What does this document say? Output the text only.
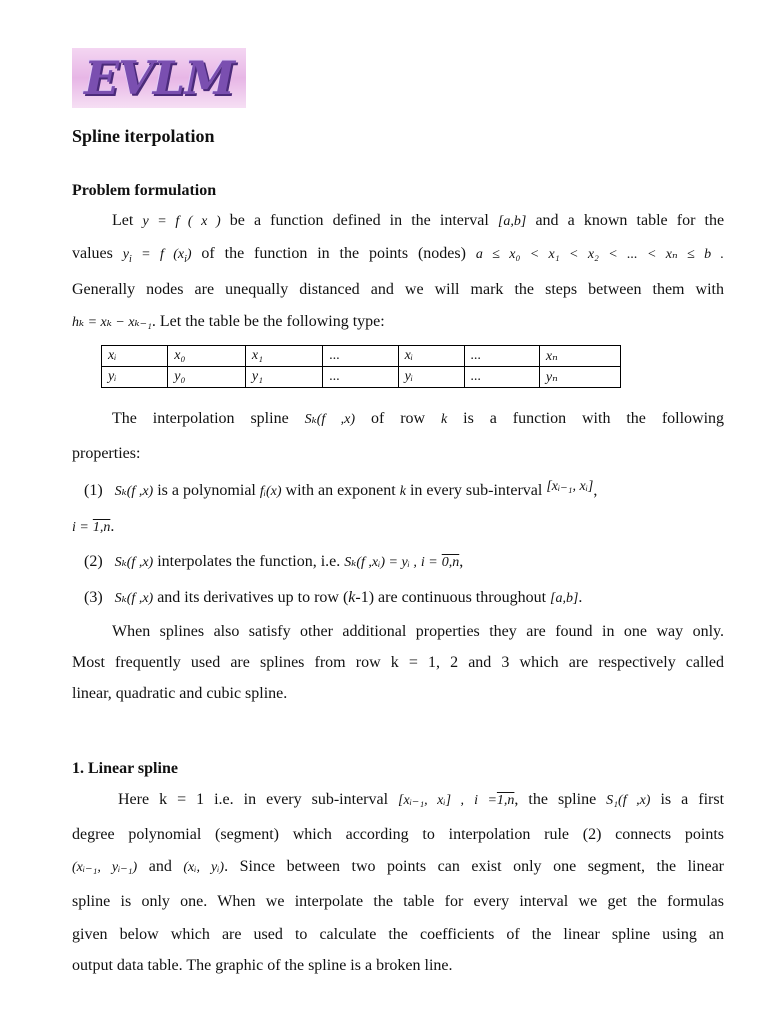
EVLM
Spline iterpolation
Problem formulation
Let y = f ( x ) be a function defined in the interval [a,b] and a known table for the
values $y_i = f$ $(x_i)$ of the function in the points (nodes) a ≤ x₀ < x₁ < x₂ < ... < xₙ ≤ b .
Generally nodes are unequally distanced and we will mark the steps between them with
hₖ = xₖ − xₖ₋₁. Let the table be the following type:
xᵢ	x₀	x₁	...	xᵢ	...	xₙ
yᵢ	y₀	y₁	...	yᵢ	...	yₙ
The interpolation spline Sₖ(f ,x) of row k is a function with the following
properties:
(1) Sₖ(f ,x) is a polynomial fᵢ(x) with an exponent k in every sub-interval [xᵢ₋₁, xᵢ],
i = 1,n.
(2) Sₖ(f ,x) interpolates the function, i.e. Sₖ(f ,xᵢ) = yᵢ , i = 0,n,
(3) Sₖ(f ,x) and its derivatives up to row (k-1) are continuous throughout [a,b].
When splines also satisfy other additional properties they are found in one way only.
Most frequently used are splines from row k = 1, 2 and 3 which are respectively called
linear, quadratic and cubic spline.
1. Linear spline
Here k = 1 i.e. in every sub-interval [xᵢ₋₁, xᵢ] , i =1,n, the spline S₁(f ,x) is a first
degree polynomial (segment) which according to interpolation rule (2) connects points
(xᵢ₋₁, yᵢ₋₁) and (xᵢ, yᵢ). Since between two points can exist only one segment, the linear
spline is only one. When we interpolate the table for every interval we get the formulas
given below which are used to calculate the coefficients of the linear spline using an
output data table. The graphic of the spline is a broken line.
